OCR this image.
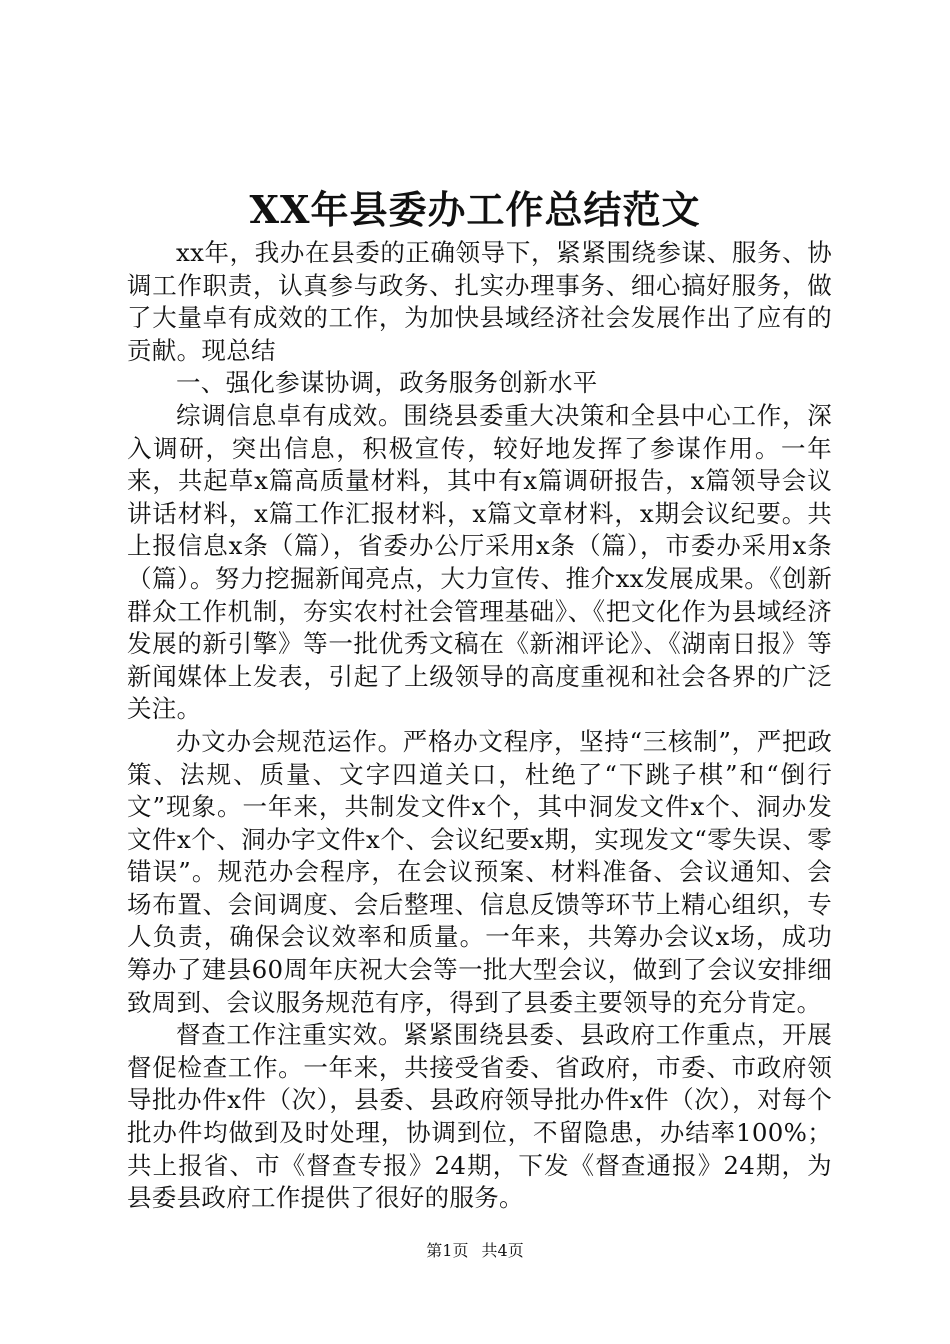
XX年县委办工作总结范文

xx年，我办在县委的正确领导下，紧紧围绕参谋、服务、协调工作职责，认真参与政务、扎实办理事务、细心搞好服务，做了大量卓有成效的工作，为加快县域经济社会发展作出了应有的贡献。现总结

一、强化参谋协调，政务服务创新水平

综调信息卓有成效。围绕县委重大决策和全县中心工作，深入调研，突出信息，积极宣传，较好地发挥了参谋作用。一年来，共起草x篇高质量材料，其中有x篇调研报告，x篇领导会议讲话材料，x篇工作汇报材料，x篇文章材料，x期会议纪要。共上报信息x条（篇），省委办公厅采用x条（篇），市委办采用x条（篇）。努力挖掘新闻亮点，大力宣传、推介xx发展成果。《创新群众工作机制，夯实农村社会管理基础》、《把文化作为县域经济发展的新引擎》等一批优秀文稿在《新湘评论》、《湖南日报》等新闻媒体上发表，引起了上级领导的高度重视和社会各界的广泛关注。

办文办会规范运作。严格办文程序，坚持“三核制”，严把政策、法规、质量、文字四道关口，杜绝了“下跳子棋”和“倒行文”现象。一年来，共制发文件x个，其中洞发文件x个、洞办发文件x个、洞办字文件x个、会议纪要x期，实现发文“零失误、零错误”。规范办会程序，在会议预案、材料准备、会议通知、会场布置、会间调度、会后整理、信息反馈等环节上精心组织，专人负责，确保会议效率和质量。一年来，共筹办会议x场，成功筹办了建县60周年庆祝大会等一批大型会议，做到了会议安排细致周到、会议服务规范有序，得到了县委主要领导的充分肯定。

督查工作注重实效。紧紧围绕县委、县政府工作重点，开展督促检查工作。一年来，共接受省委、省政府，市委、市政府领导批办件x件（次），县委、县政府领导批办件x件（次），对每个批办件均做到及时处理，协调到位，不留隐患，办结率100%；共上报省、市《督查专报》24期，下发《督查通报》24期，为县委县政府工作提供了很好的服务。

第1页 共4页
